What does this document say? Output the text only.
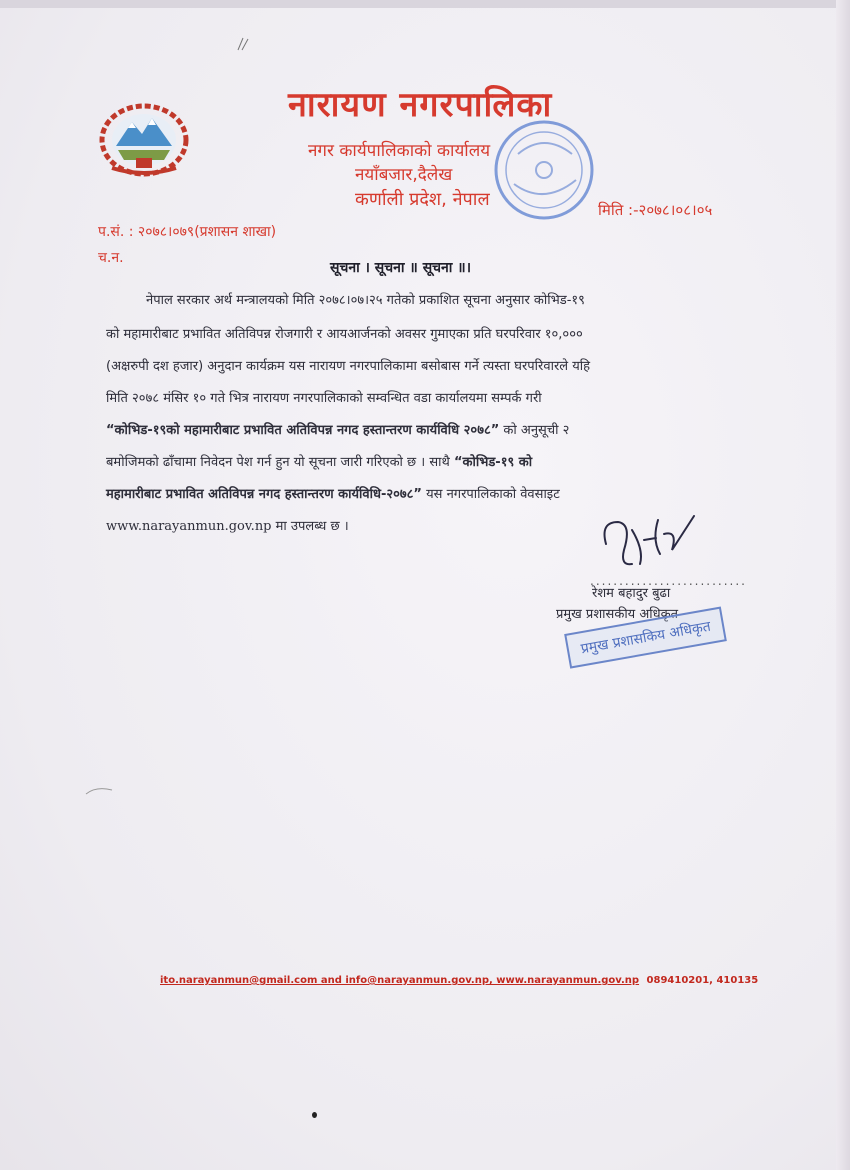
नारायण नगरपालिका
नगर कार्यपालिकाको कार्यालय
नयाँबजार,दैलेख
कर्णाली प्रदेश, नेपाल	मिति :-२०७८।०८।०५
प.सं. : २०७८।०७९(प्रशासन शाखा)
च.न.
सूचना । सूचना ॥ सूचना ॥।
नेपाल सरकार अर्थ मन्त्रालयको मिति २०७८।०७।२५ गतेको प्रकाशित सूचना अनुसार कोभिड-१९
को महामारीबाट प्रभावित अतिविपन्न रोजगारी र आयआर्जनको अवसर गुमाएका प्रति घरपरिवार १०,०००
(अक्षरुपी दश हजार) अनुदान कार्यक्रम यस नारायण नगरपालिकामा बसोबास गर्ने त्यस्ता घरपरिवारले यहि
मिति २०७८ मंसिर १० गते भित्र नारायण नगरपालिकाको सम्वन्धित वडा कार्यालयमा सम्पर्क गरी
“कोभिड-१९को महामारीबाट प्रभावित अतिविपन्न नगद हस्तान्तरण कार्यविधि २०७८” को अनुसूची २
बमोजिमको ढाँचामा निवेदन पेश गर्न हुन यो सूचना जारी गरिएको छ । साथै “कोभिड-१९ को
महामारीबाट प्रभावित अतिविपन्न नगद हस्तान्तरण कार्यविधि-२०७८” यस नगरपालिकाको वेवसाइट
www.narayanmun.gov.np मा उपलब्ध छ ।
...........................
रेशम बहादुर बुढा
प्रमुख प्रशासकीय अधिकृत
प्रमुख प्रशासकिय अधिकृत
ito.narayanmun@gmail.com and info@narayanmun.gov.np, www.narayanmun.gov.np 089410201, 410135
